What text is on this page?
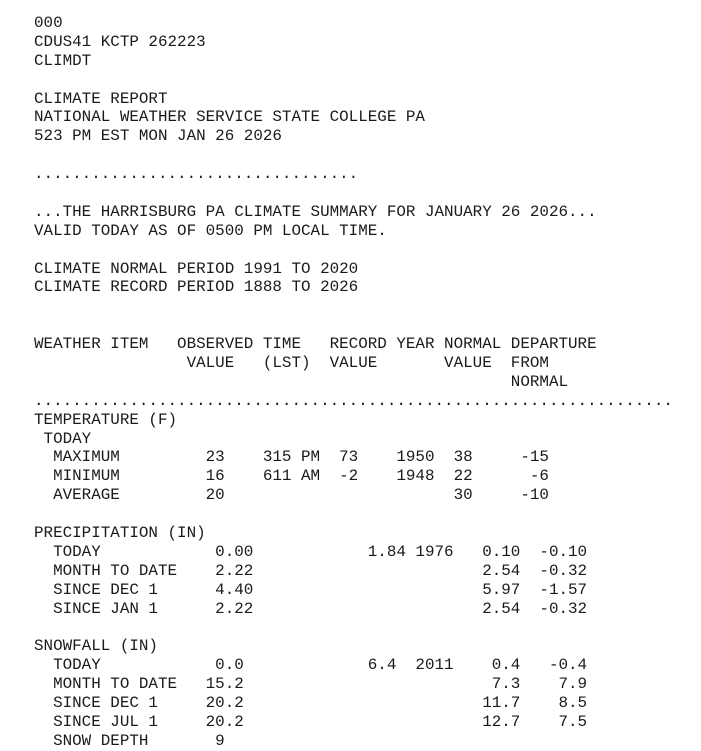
000
CDUS41 KCTP 262223
CLIMDT
CLIMATE REPORT
NATIONAL WEATHER SERVICE STATE COLLEGE PA
523 PM EST MON JAN 26 2026
..................................
...THE HARRISBURG PA CLIMATE SUMMARY FOR JANUARY 26 2026...
VALID TODAY AS OF 0500 PM LOCAL TIME.
CLIMATE NORMAL PERIOD 1991 TO 2020
CLIMATE RECORD PERIOD 1888 TO 2026
WEATHER ITEM   OBSERVED TIME   RECORD YEAR NORMAL DEPARTURE
VALUE   (LST)  VALUE       VALUE  FROM
NORMAL
...................................................................
TEMPERATURE (F)
TODAY
MAXIMUM         23    315 PM  73    1950  38     -15
MINIMUM         16    611 AM  -2    1948  22      -6
AVERAGE         20                        30     -10
PRECIPITATION (IN)
TODAY            0.00            1.84 1976   0.10  -0.10
MONTH TO DATE    2.22                        2.54  -0.32
SINCE DEC 1      4.40                        5.97  -1.57
SINCE JAN 1      2.22                        2.54  -0.32
SNOWFALL (IN)
TODAY            0.0             6.4  2011    0.4   -0.4
MONTH TO DATE   15.2                          7.3    7.9
SINCE DEC 1     20.2                         11.7    8.5
SINCE JUL 1     20.2                         12.7    7.5
SNOW DEPTH       9
